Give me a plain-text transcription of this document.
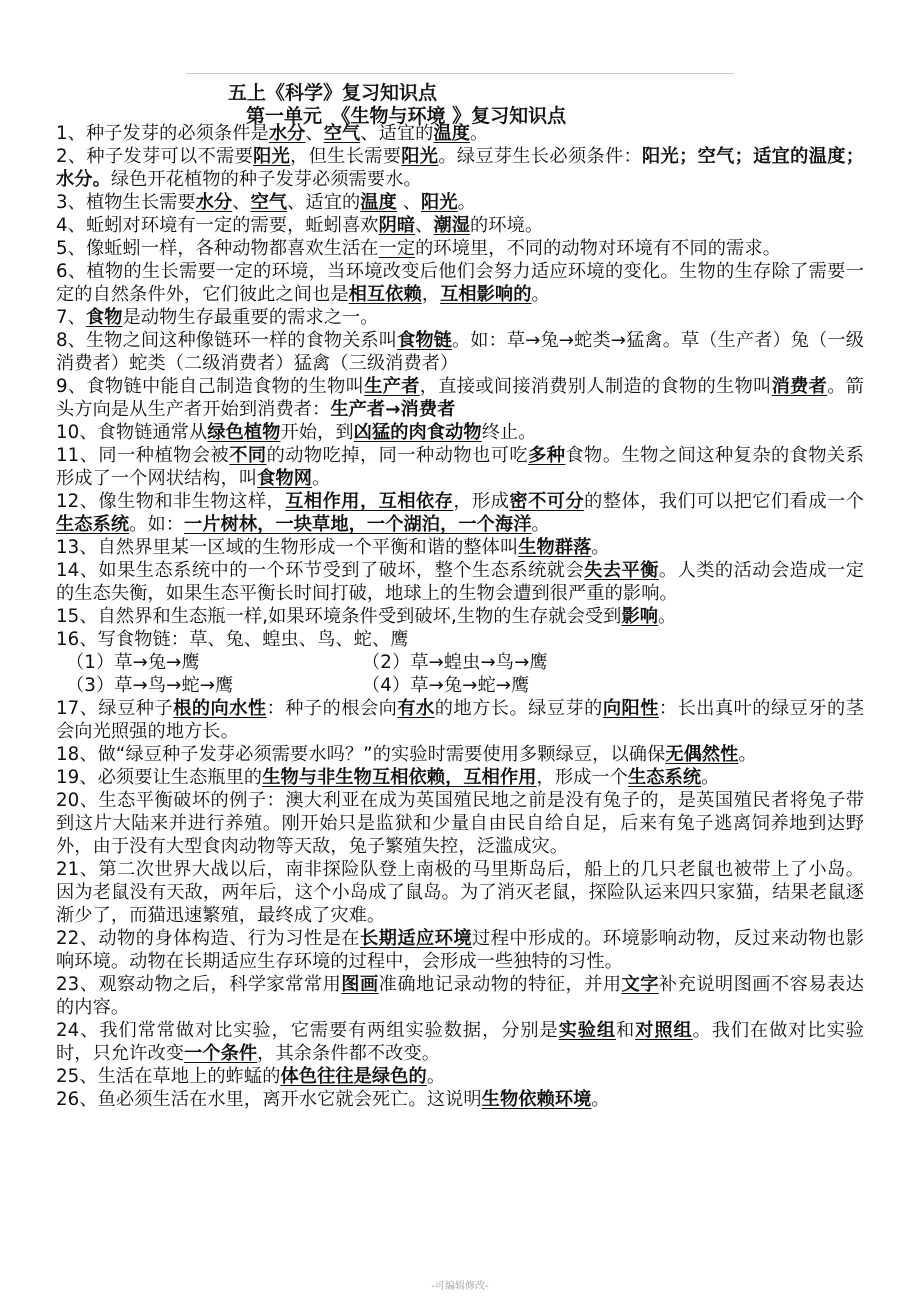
五上《科学》复习知识点
第一单元　《生物与环境 》复习知识点

1、种子发芽的必须条件是水分、空气、适宜的温度。

2、种子发芽可以不需要阳光，但生长需要阳光。绿豆芽生长必须条件：阳光；空气；适宜的温度；水分。绿色开花植物的种子发芽必须需要水。

3、植物生长需要水分、空气、适宜的温度 、阳光。

4、蚯蚓对环境有一定的需要，蚯蚓喜欢阴暗、潮湿的环境。

5、像蚯蚓一样，各种动物都喜欢生活在一定的环境里，不同的动物对环境有不同的需求。

6、植物的生长需要一定的环境，当环境改变后他们会努力适应环境的变化。生物的生存除了需要一定的自然条件外，它们彼此之间也是相互依赖，互相影响的。

7、食物是动物生存最重要的需求之一。

8、生物之间这种像链环一样的食物关系叫食物链。如：草→兔→蛇类→猛禽。草（生产者）兔（一级消费者）蛇类（二级消费者）猛禽（三级消费者）

9、食物链中能自己制造食物的生物叫生产者，直接或间接消费别人制造的食物的生物叫消费者。箭头方向是从生产者开始到消费者：生产者→消费者

10、食物链通常从绿色植物开始，到凶猛的肉食动物终止。

11、同一种植物会被不同的动物吃掉，同一种动物也可吃多种食物。生物之间这种复杂的食物关系形成了一个网状结构，叫食物网。

12、像生物和非生物这样，互相作用，互相依存，形成密不可分的整体，我们可以把它们看成一个生态系统。如：一片树林，一块草地，一个湖泊，一个海洋。

13、自然界里某一区域的生物形成一个平衡和谐的整体叫生物群落。

14、如果生态系统中的一个环节受到了破坏，整个生态系统就会失去平衡。人类的活动会造成一定的生态失衡，如果生态平衡长时间打破，地球上的生物会遭到很严重的影响。

15、自然界和生态瓶一样,如果环境条件受到破坏,生物的生存就会受到影响。

16、写食物链：草、兔、蝗虫、鸟、蛇、鹰

（1）草→兔→鹰	（2）草→蝗虫→鸟→鹰
（3）草→鸟→蛇→鹰	（4）草→兔→蛇→鹰

17、绿豆种子根的向水性：种子的根会向有水的地方长。绿豆芽的向阳性：长出真叶的绿豆牙的茎会向光照强的地方长。

18、做“绿豆种子发芽必须需要水吗？”的实验时需要使用多颗绿豆，以确保无偶然性。

19、必须要让生态瓶里的生物与非生物互相依赖，互相作用，形成一个生态系统。

20、生态平衡破坏的例子：澳大利亚在成为英国殖民地之前是没有兔子的，是英国殖民者将兔子带到这片大陆来并进行养殖。刚开始只是监狱和少量自由民自给自足，后来有兔子逃离饲养地到达野外，由于没有大型食肉动物等天敌，兔子繁殖失控，泛滥成灾。

21、第二次世界大战以后，南非探险队登上南极的马里斯岛后，船上的几只老鼠也被带上了小岛。因为老鼠没有天敌，两年后，这个小岛成了鼠岛。为了消灭老鼠，探险队运来四只家猫，结果老鼠逐渐少了，而猫迅速繁殖，最终成了灾难。

22、动物的身体构造、行为习性是在长期适应环境过程中形成的。环境影响动物，反过来动物也影响环境。动物在长期适应生存环境的过程中，会形成一些独特的习性。

23、观察动物之后，科学家常常用图画准确地记录动物的特征，并用文字补充说明图画不容易表达的内容。

24、我们常常做对比实验，它需要有两组实验数据，分别是实验组和对照组。我们在做对比实验时，只允许改变一个条件，其余条件都不改变。

25、生活在草地上的蚱蜢的体色往往是绿色的。

26、鱼必须生活在水里，离开水它就会死亡。这说明生物依赖环境。

-可编辑修改-
